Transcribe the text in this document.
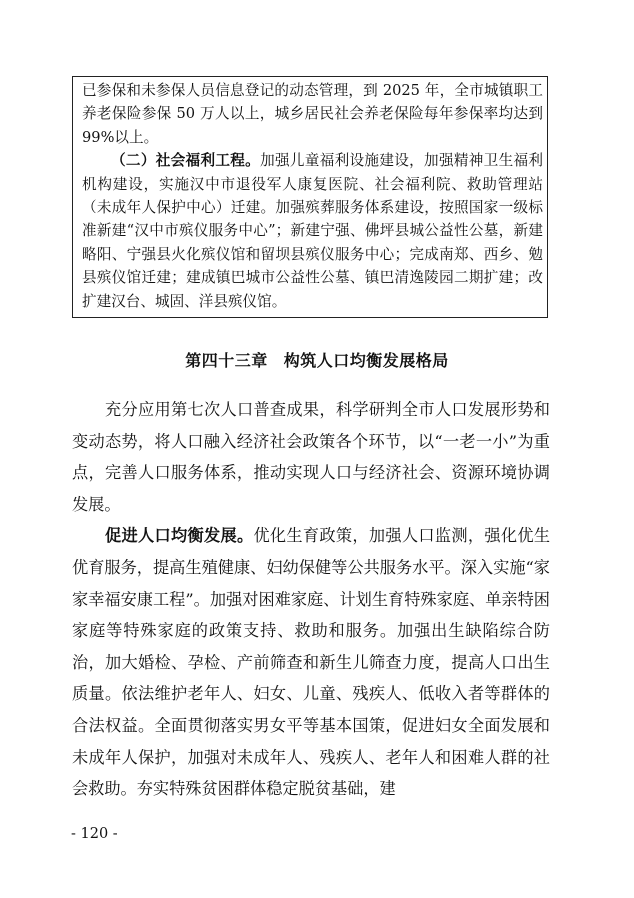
已参保和未参保人员信息登记的动态管理，到 2025 年，全市城镇职工养老保险参保 50 万人以上，城乡居民社会养老保险每年参保率均达到 99%以上。

（二）社会福利工程。加强儿童福利设施建设，加强精神卫生福利机构建设，实施汉中市退役军人康复医院、社会福利院、救助管理站（未成年人保护中心）迁建。加强殡葬服务体系建设，按照国家一级标准新建“汉中市殡仪服务中心”；新建宁强、佛坪县城公益性公墓，新建略阳、宁强县火化殡仪馆和留坝县殡仪服务中心；完成南郑、西乡、勉县殡仪馆迁建；建成镇巴城市公益性公墓、镇巴清逸陵园二期扩建；改扩建汉台、城固、洋县殡仪馆。

第四十三章 构筑人口均衡发展格局

充分应用第七次人口普查成果，科学研判全市人口发展形势和变动态势，将人口融入经济社会政策各个环节，以“一老一小”为重点，完善人口服务体系，推动实现人口与经济社会、资源环境协调发展。

促进人口均衡发展。优化生育政策，加强人口监测，强化优生优育服务，提高生殖健康、妇幼保健等公共服务水平。深入实施“家家幸福安康工程”。加强对困难家庭、计划生育特殊家庭、单亲特困家庭等特殊家庭的政策支持、救助和服务。加强出生缺陷综合防治，加大婚检、孕检、产前筛查和新生儿筛查力度，提高人口出生质量。依法维护老年人、妇女、儿童、残疾人、低收入者等群体的合法权益。全面贯彻落实男女平等基本国策，促进妇女全面发展和未成年人保护，加强对未成年人、残疾人、老年人和困难人群的社会救助。夯实特殊贫困群体稳定脱贫基础，建

- 120 -
